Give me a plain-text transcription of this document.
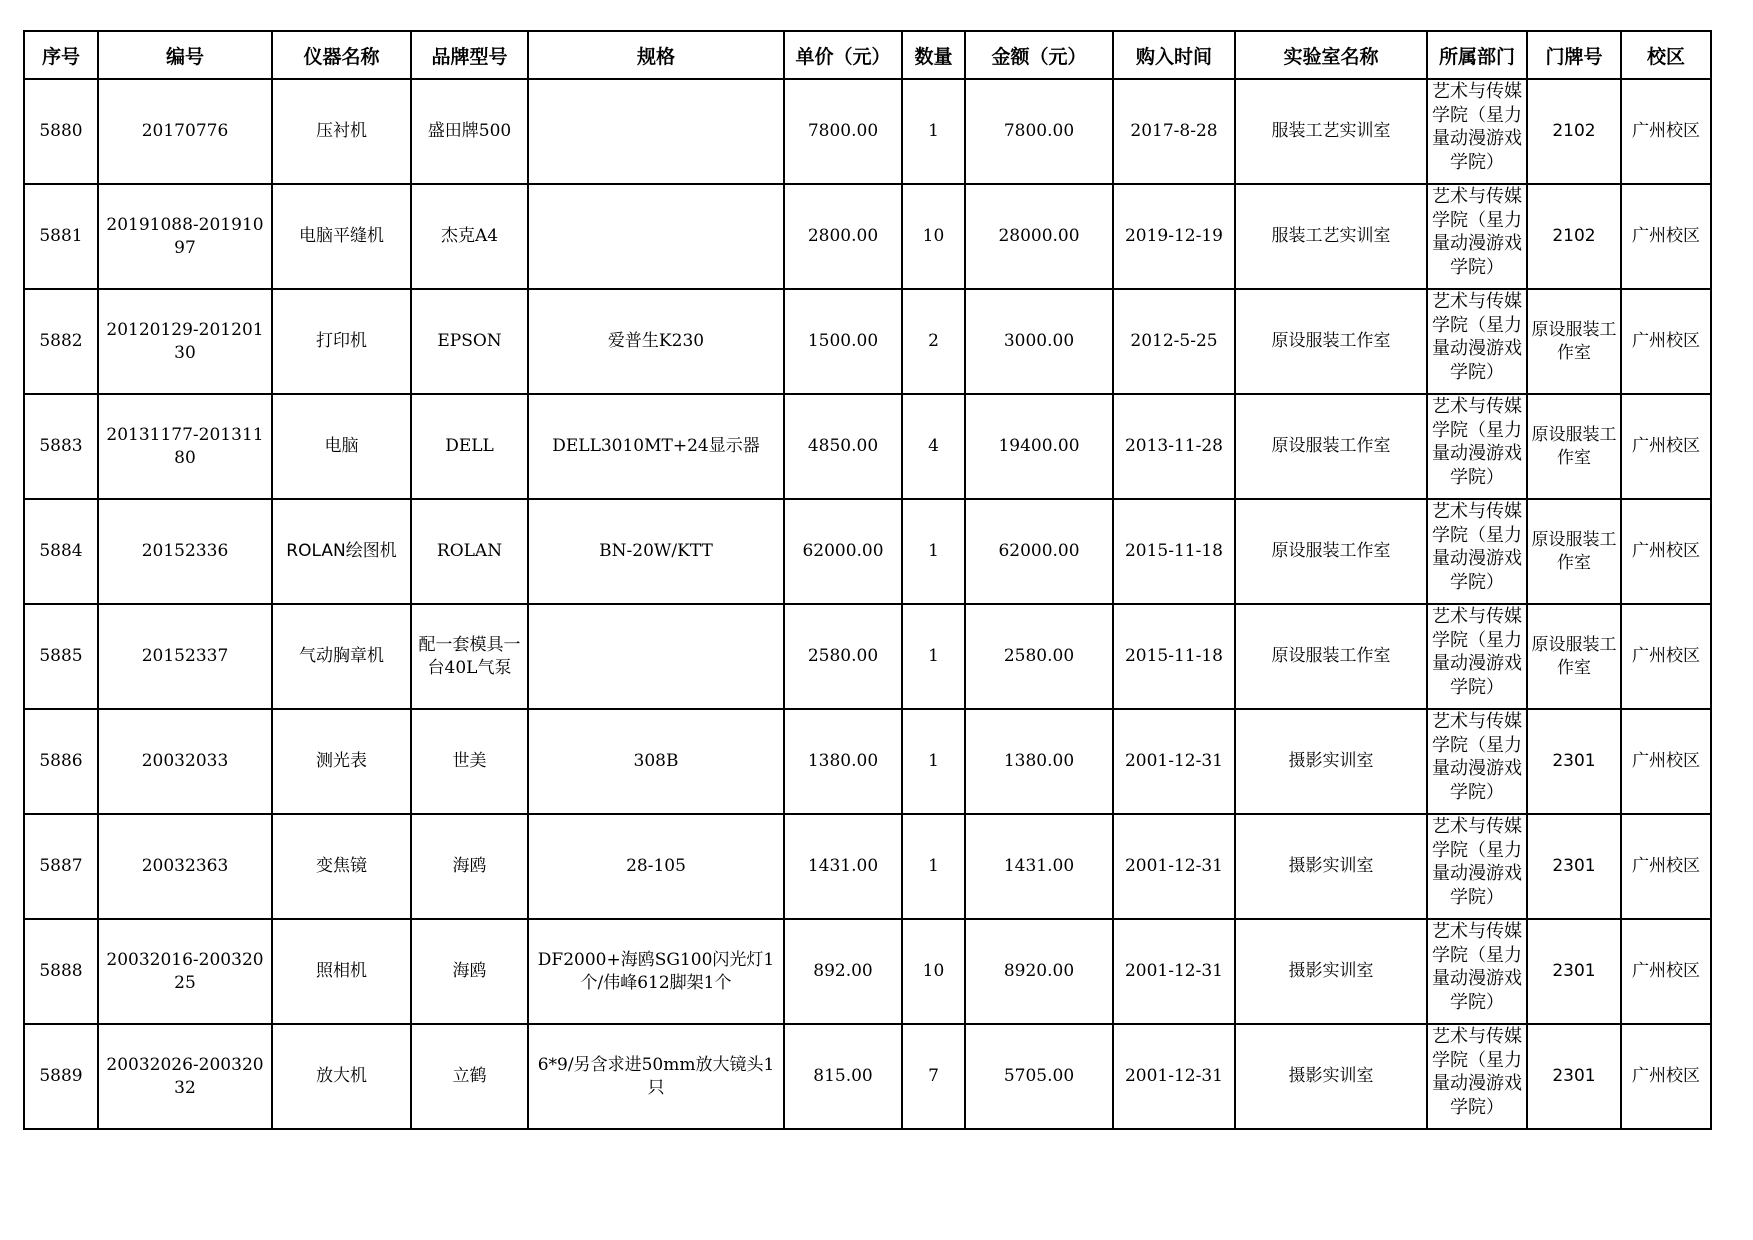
序号	编号	仪器名称	品牌型号	规格	单价（元）	数量	金额（元）	购入时间	实验室名称	所属部门	门牌号	校区
5880	20170776	压衬机	盛田牌500		7800.00	1	7800.00	2017-8-28	服装工艺实训室	艺术与传媒学院（星力量动漫游戏学院）	2102	广州校区
5881	20191088-20191097	电脑平缝机	杰克A4		2800.00	10	28000.00	2019-12-19	服装工艺实训室	艺术与传媒学院（星力量动漫游戏学院）	2102	广州校区
5882	20120129-20120130	打印机	EPSON	爱普生K230	1500.00	2	3000.00	2012-5-25	原设服装工作室	艺术与传媒学院（星力量动漫游戏学院）	原设服装工作室	广州校区
5883	20131177-20131180	电脑	DELL	DELL3010MT+24显示器	4850.00	4	19400.00	2013-11-28	原设服装工作室	艺术与传媒学院（星力量动漫游戏学院）	原设服装工作室	广州校区
5884	20152336	ROLAN绘图机	ROLAN	BN-20W/KTT	62000.00	1	62000.00	2015-11-18	原设服装工作室	艺术与传媒学院（星力量动漫游戏学院）	原设服装工作室	广州校区
5885	20152337	气动胸章机	配一套模具一台40L气泵		2580.00	1	2580.00	2015-11-18	原设服装工作室	艺术与传媒学院（星力量动漫游戏学院）	原设服装工作室	广州校区
5886	20032033	测光表	世美	308B	1380.00	1	1380.00	2001-12-31	摄影实训室	艺术与传媒学院（星力量动漫游戏学院）	2301	广州校区
5887	20032363	变焦镜	海鸥	28-105	1431.00	1	1431.00	2001-12-31	摄影实训室	艺术与传媒学院（星力量动漫游戏学院）	2301	广州校区
5888	20032016-20032025	照相机	海鸥	DF2000+海鸥SG100闪光灯1个/伟峰612脚架1个	892.00	10	8920.00	2001-12-31	摄影实训室	艺术与传媒学院（星力量动漫游戏学院）	2301	广州校区
5889	20032026-20032032	放大机	立鹤	6*9/另含求进50mm放大镜头1只	815.00	7	5705.00	2001-12-31	摄影实训室	艺术与传媒学院（星力量动漫游戏学院）	2301	广州校区
